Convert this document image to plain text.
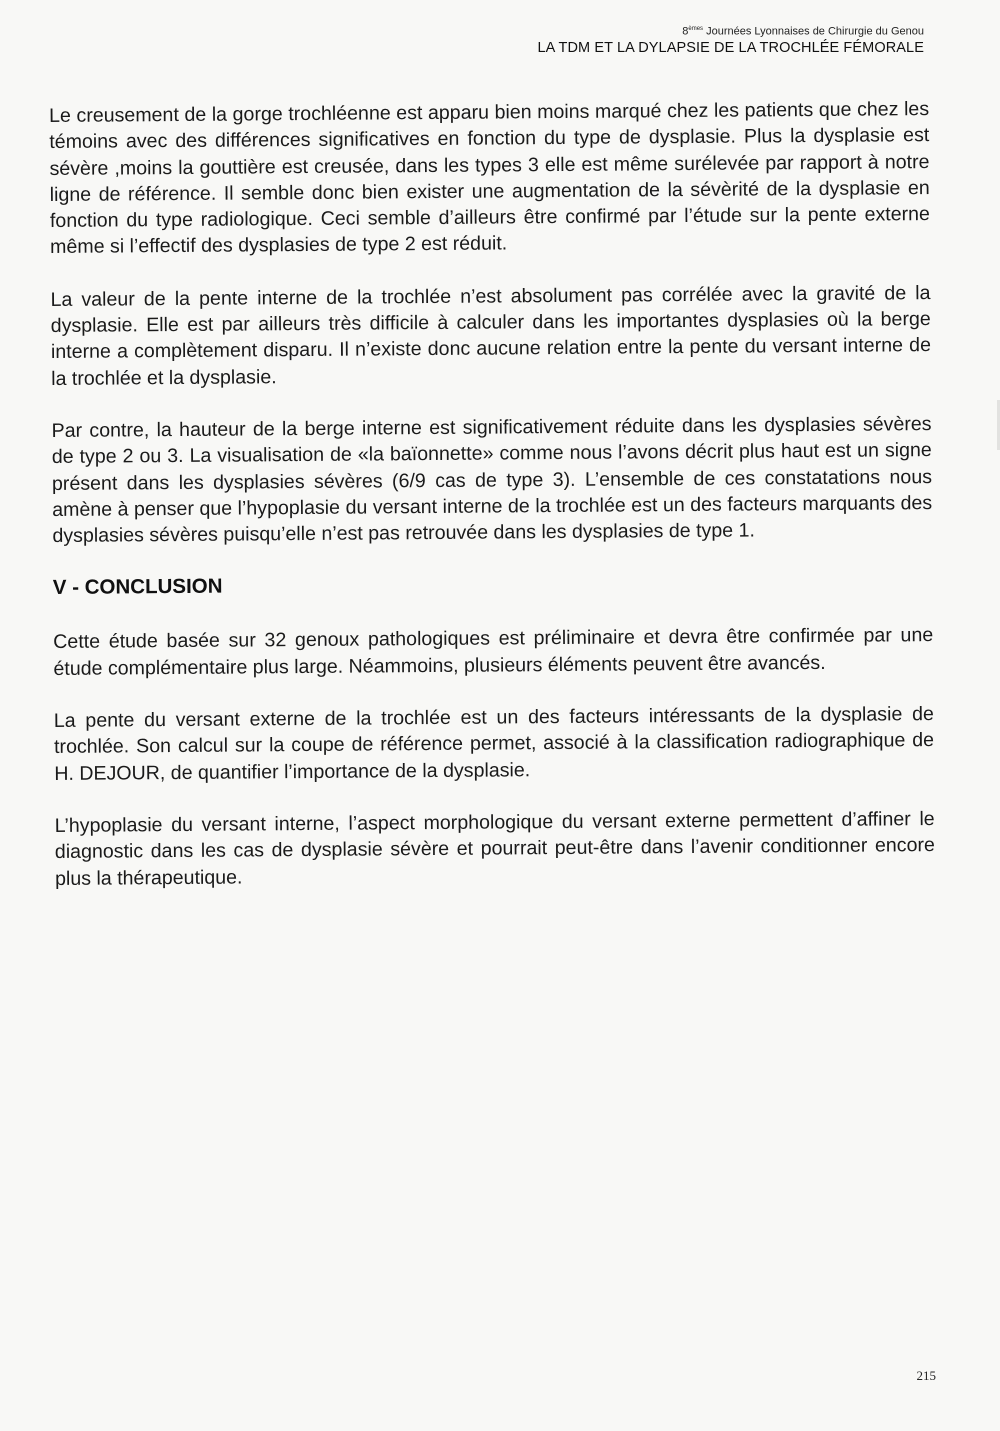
8èmes Journées Lyonnaises de Chirurgie du Genou
LA TDM ET LA DYLAPSIE DE LA TROCHLÉE FÉMORALE

Le creusement de la gorge trochléenne est apparu bien moins marqué chez les patients que chez les témoins avec des différences significatives en fonction du type de dysplasie. Plus la dysplasie est sévère ,moins la gouttière est creusée, dans les types 3 elle est même surélevée par rapport à notre ligne de référence. Il semble donc bien exister une augmentation de la sévèrité de la dysplasie en fonction du type radiologique. Ceci semble d’ailleurs être confirmé par l’étude sur la pente externe même si l’effectif des dysplasies de type 2 est réduit.

La valeur de la pente interne de la trochlée n’est absolument pas corrélée avec la gravité de la dysplasie. Elle est par ailleurs très difficile à calculer dans les importantes dysplasies où la berge interne a complètement disparu. Il n’existe donc aucune relation entre la pente du versant interne de la trochlée et la dysplasie.

Par contre, la hauteur de la berge interne est significativement réduite dans les dysplasies sévères de type 2 ou 3. La visualisation de «la baïonnette» comme nous l’avons décrit plus haut est un signe présent dans les dysplasies sévères (6/9 cas de type 3). L’ensemble de ces constatations nous amène à penser que l’hypoplasie du versant interne de la trochlée est un des facteurs marquants des dysplasies sévères puisqu’elle n’est pas retrouvée dans les dysplasies de type 1.

V - CONCLUSION

Cette étude basée sur 32 genoux pathologiques est préliminaire et devra être confirmée par une étude complémentaire plus large. Néammoins, plusieurs éléments peuvent être avancés.

La pente du versant externe de la trochlée est un des facteurs intéressants de la dysplasie de trochlée. Son calcul sur la coupe de référence permet, associé à la classification radiographique de H. DEJOUR, de quantifier l’importance de la dysplasie.

L’hypoplasie du versant interne, l’aspect morphologique du versant externe permettent d’affiner le diagnostic dans les cas de dysplasie sévère et pourrait peut-être dans l’avenir conditionner encore plus la thérapeutique.

215
